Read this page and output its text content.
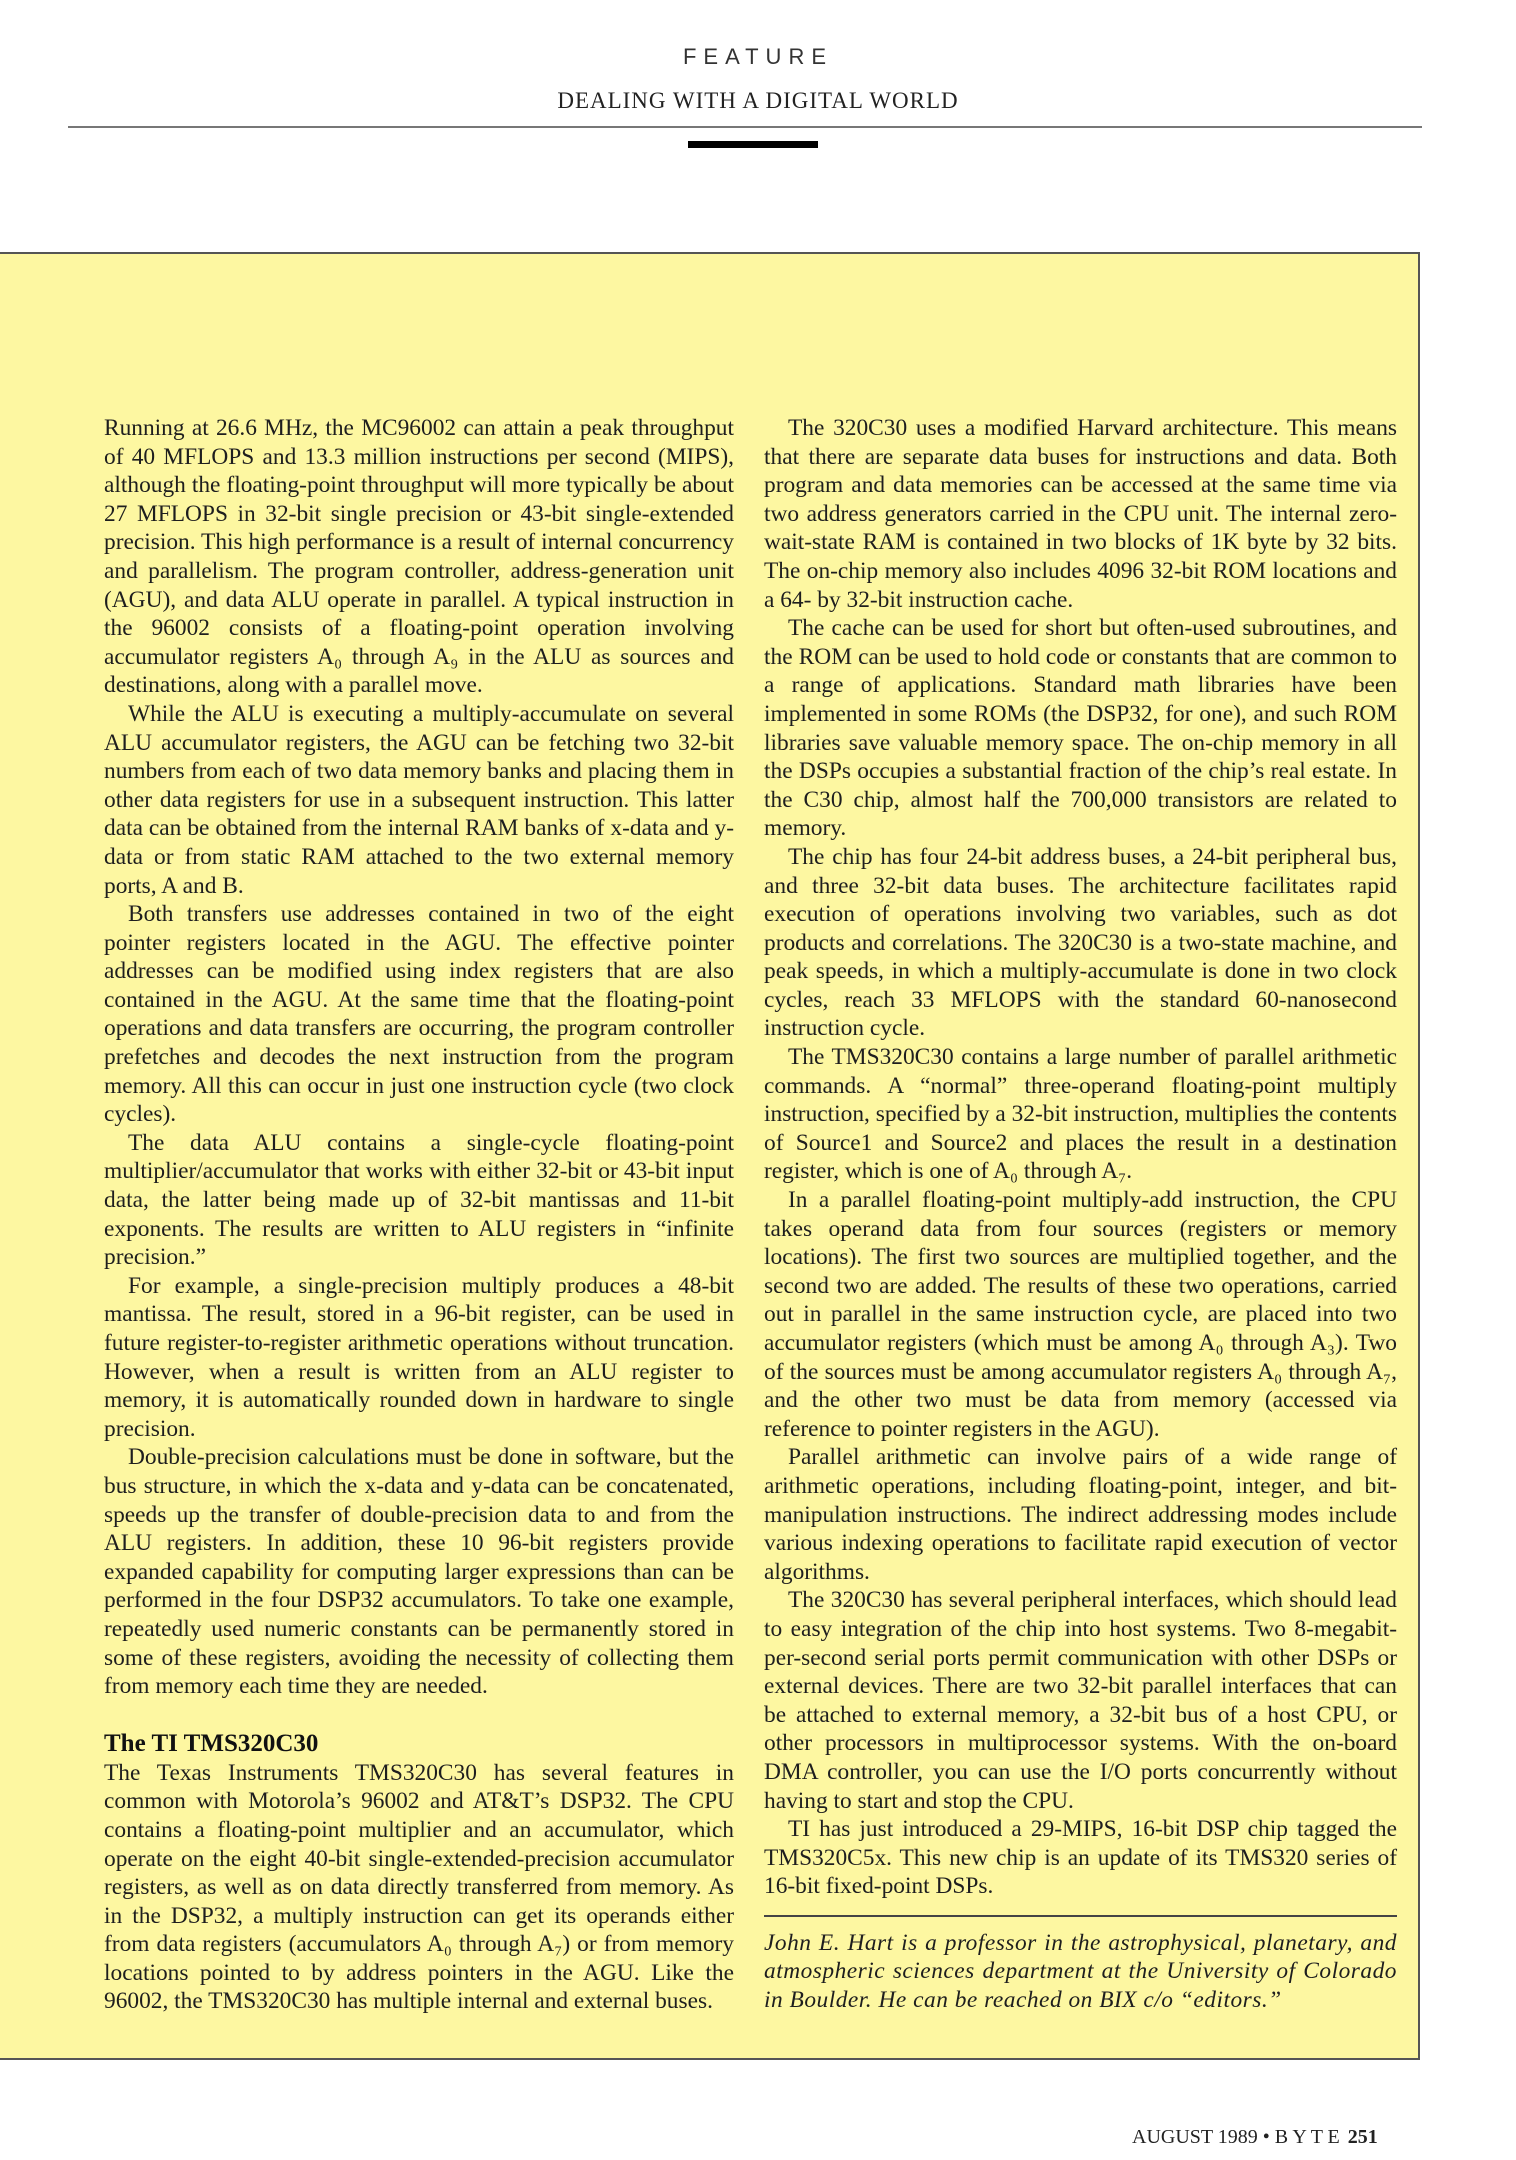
FEATURE
DEALING WITH A DIGITAL WORLD

Running at 26.6 MHz, the MC96002 can attain a peak throughput of 40 MFLOPS and 13.3 million instructions per second (MIPS), although the floating-point throughput will more typically be about 27 MFLOPS in 32-bit single precision or 43-bit single-extended precision. This high performance is a result of internal concurrency and parallelism. The program controller, address-generation unit (AGU), and data ALU operate in parallel. A typical instruction in the 96002 consists of a floating-point operation involving accumulator registers A₀ through A₉ in the ALU as sources and destinations, along with a parallel move.

While the ALU is executing a multiply-accumulate on several ALU accumulator registers, the AGU can be fetching two 32-bit numbers from each of two data memory banks and placing them in other data registers for use in a subsequent instruction. This latter data can be obtained from the internal RAM banks of x-data and y-data or from static RAM attached to the two external memory ports, A and B.

Both transfers use addresses contained in two of the eight pointer registers located in the AGU. The effective pointer addresses can be modified using index registers that are also contained in the AGU. At the same time that the floating-point operations and data transfers are occurring, the program controller prefetches and decodes the next instruction from the program memory. All this can occur in just one instruction cycle (two clock cycles).

The data ALU contains a single-cycle floating-point multiplier/accumulator that works with either 32-bit or 43-bit input data, the latter being made up of 32-bit mantissas and 11-bit exponents. The results are written to ALU registers in “infinite precision.”

For example, a single-precision multiply produces a 48-bit mantissa. The result, stored in a 96-bit register, can be used in future register-to-register arithmetic operations without truncation. However, when a result is written from an ALU register to memory, it is automatically rounded down in hardware to single precision.

Double-precision calculations must be done in software, but the bus structure, in which the x-data and y-data can be concatenated, speeds up the transfer of double-precision data to and from the ALU registers. In addition, these 10 96-bit registers provide expanded capability for computing larger expressions than can be performed in the four DSP32 accumulators. To take one example, repeatedly used numeric constants can be permanently stored in some of these registers, avoiding the necessity of collecting them from memory each time they are needed.

The TI TMS320C30

The Texas Instruments TMS320C30 has several features in common with Motorola’s 96002 and AT&T’s DSP32. The CPU contains a floating-point multiplier and an accumulator, which operate on the eight 40-bit single-extended-precision accumulator registers, as well as on data directly transferred from memory. As in the DSP32, a multiply instruction can get its operands either from data registers (accumulators A₀ through A₇) or from memory locations pointed to by address pointers in the AGU. Like the 96002, the TMS320C30 has multiple internal and external buses.

The 320C30 uses a modified Harvard architecture. This means that there are separate data buses for instructions and data. Both program and data memories can be accessed at the same time via two address generators carried in the CPU unit. The internal zero-wait-state RAM is contained in two blocks of 1K byte by 32 bits. The on-chip memory also includes 4096 32-bit ROM locations and a 64- by 32-bit instruction cache.

The cache can be used for short but often-used subroutines, and the ROM can be used to hold code or constants that are common to a range of applications. Standard math libraries have been implemented in some ROMs (the DSP32, for one), and such ROM libraries save valuable memory space. The on-chip memory in all the DSPs occupies a substantial fraction of the chip’s real estate. In the C30 chip, almost half the 700,000 transistors are related to memory.

The chip has four 24-bit address buses, a 24-bit peripheral bus, and three 32-bit data buses. The architecture facilitates rapid execution of operations involving two variables, such as dot products and correlations. The 320C30 is a two-state machine, and peak speeds, in which a multiply-accumulate is done in two clock cycles, reach 33 MFLOPS with the standard 60-nanosecond instruction cycle.

The TMS320C30 contains a large number of parallel arithmetic commands. A “normal” three-operand floating-point multiply instruction, specified by a 32-bit instruction, multiplies the contents of Source1 and Source2 and places the result in a destination register, which is one of A₀ through A₇.

In a parallel floating-point multiply-add instruction, the CPU takes operand data from four sources (registers or memory locations). The first two sources are multiplied together, and the second two are added. The results of these two operations, carried out in parallel in the same instruction cycle, are placed into two accumulator registers (which must be among A₀ through A₃). Two of the sources must be among accumulator registers A₀ through A₇, and the other two must be data from memory (accessed via reference to pointer registers in the AGU).

Parallel arithmetic can involve pairs of a wide range of arithmetic operations, including floating-point, integer, and bit-manipulation instructions. The indirect addressing modes include various indexing operations to facilitate rapid execution of vector algorithms.

The 320C30 has several peripheral interfaces, which should lead to easy integration of the chip into host systems. Two 8-megabit-per-second serial ports permit communication with other DSPs or external devices. There are two 32-bit parallel interfaces that can be attached to external memory, a 32-bit bus of a host CPU, or other processors in multiprocessor systems. With the on-board DMA controller, you can use the I/O ports concurrently without having to start and stop the CPU.

TI has just introduced a 29-MIPS, 16-bit DSP chip tagged the TMS320C5x. This new chip is an update of its TMS320 series of 16-bit fixed-point DSPs.

John E. Hart is a professor in the astrophysical, planetary, and atmospheric sciences department at the University of Colorado in Boulder. He can be reached on BIX c/o “editors.”

AUGUST 1989 • B Y T E 251
